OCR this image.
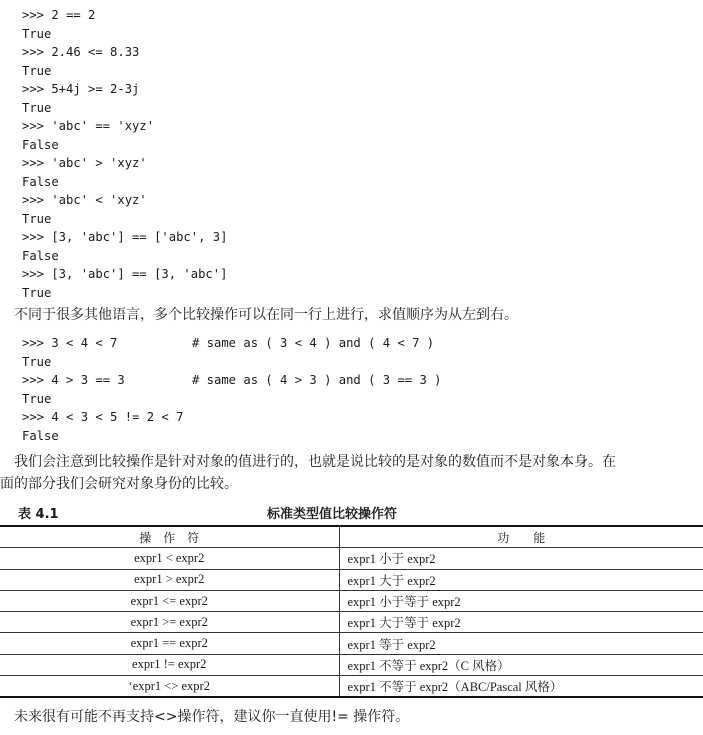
>>> 2 == 2
True
>>> 2.46 <= 8.33
True
>>> 5+4j >= 2-3j
True
>>> 'abc' == 'xyz'
False
>>> 'abc' > 'xyz'
False
>>> 'abc' < 'xyz'
True
>>> [3, 'abc'] == ['abc', 3]
False
>>> [3, 'abc'] == [3, 'abc']
True

不同于很多其他语言，多个比较操作可以在同一行上进行，求值顺序为从左到右。

>>> 3 < 4 < 7	# same as ( 3 < 4 ) and ( 4 < 7 )
True
>>> 4 > 3 == 3	# same as ( 4 > 3 ) and ( 3 == 3 )
True
>>> 4 < 3 < 5 != 2 < 7
False
我们会注意到比较操作是针对对象的值进行的，也就是说比较的是对象的数值而不是对象本身。在
面的部分我们会研究对象身份的比较。
表 4.1	标准类型值比较操作符
操　作　符	功　　能
expr1 < expr2	expr1 小于 expr2
expr1 > expr2	expr1 大于 expr2
expr1 <= expr2	expr1 小于等于 expr2
expr1 >= expr2	expr1 大于等于 expr2
expr1 == expr2	expr1 等于 expr2
expr1 != expr2	expr1 不等于 expr2（C 风格）
‘expr1 <> expr2	expr1 不等于 expr2（ABC/Pascal 风格）

未来很有可能不再支持<>操作符，建议你一直使用!= 操作符。
